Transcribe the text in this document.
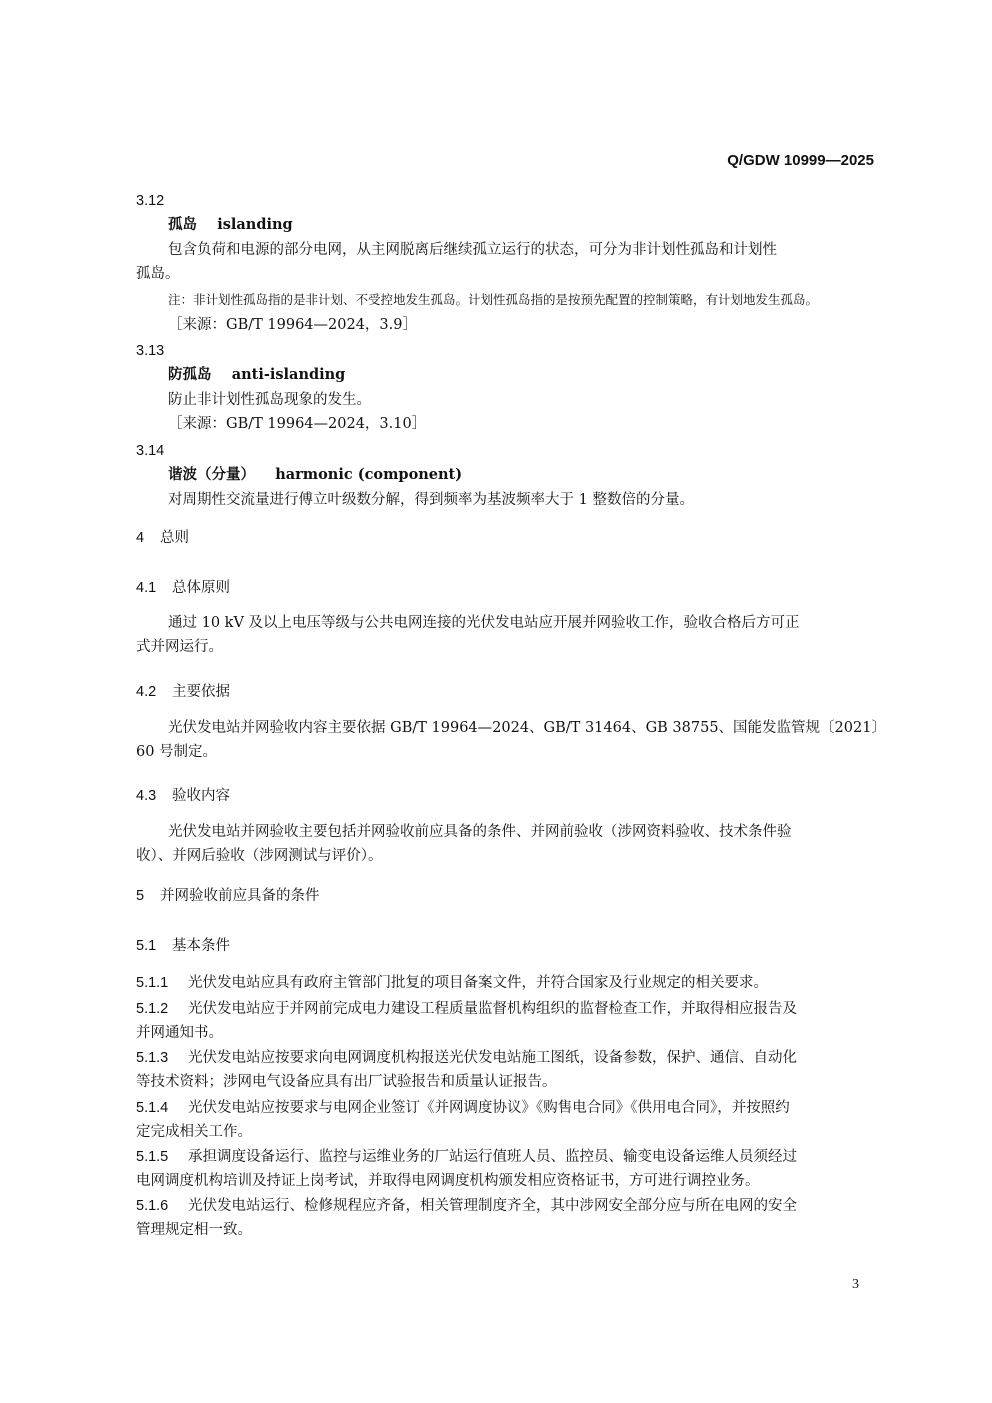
Q/GDW 10999—2025
3.12
孤岛 islanding
包含负荷和电源的部分电网，从主网脱离后继续孤立运行的状态，可分为非计划性孤岛和计划性
孤岛。
注：非计划性孤岛指的是非计划、不受控地发生孤岛。计划性孤岛指的是按预先配置的控制策略，有计划地发生孤岛。
［来源：GB/T 19964—2024，3.9］
3.13
防孤岛 anti-islanding
防止非计划性孤岛现象的发生。
［来源：GB/T 19964—2024，3.10］
3.14
谐波（分量） harmonic (component)
对周期性交流量进行傅立叶级数分解，得到频率为基波频率大于 1 整数倍的分量。
4 总则
4.1 总体原则
通过 10 kV 及以上电压等级与公共电网连接的光伏发电站应开展并网验收工作，验收合格后方可正
式并网运行。
4.2 主要依据
光伏发电站并网验收内容主要依据 GB/T 19964—2024、GB/T 31464、GB 38755、国能发监管规〔2021〕
60 号制定。
4.3 验收内容
光伏发电站并网验收主要包括并网验收前应具备的条件、并网前验收（涉网资料验收、技术条件验
收）、并网后验收（涉网测试与评价）。
5 并网验收前应具备的条件
5.1 基本条件
5.1.1 光伏发电站应具有政府主管部门批复的项目备案文件，并符合国家及行业规定的相关要求。
5.1.2 光伏发电站应于并网前完成电力建设工程质量监督机构组织的监督检查工作，并取得相应报告及
并网通知书。
5.1.3 光伏发电站应按要求向电网调度机构报送光伏发电站施工图纸，设备参数，保护、通信、自动化
等技术资料；涉网电气设备应具有出厂试验报告和质量认证报告。
5.1.4 光伏发电站应按要求与电网企业签订《并网调度协议》《购售电合同》《供用电合同》，并按照约
定完成相关工作。
5.1.5 承担调度设备运行、监控与运维业务的厂站运行值班人员、监控员、输变电设备运维人员须经过
电网调度机构培训及持证上岗考试，并取得电网调度机构颁发相应资格证书，方可进行调控业务。
5.1.6 光伏发电站运行、检修规程应齐备，相关管理制度齐全，其中涉网安全部分应与所在电网的安全
管理规定相一致。
3
